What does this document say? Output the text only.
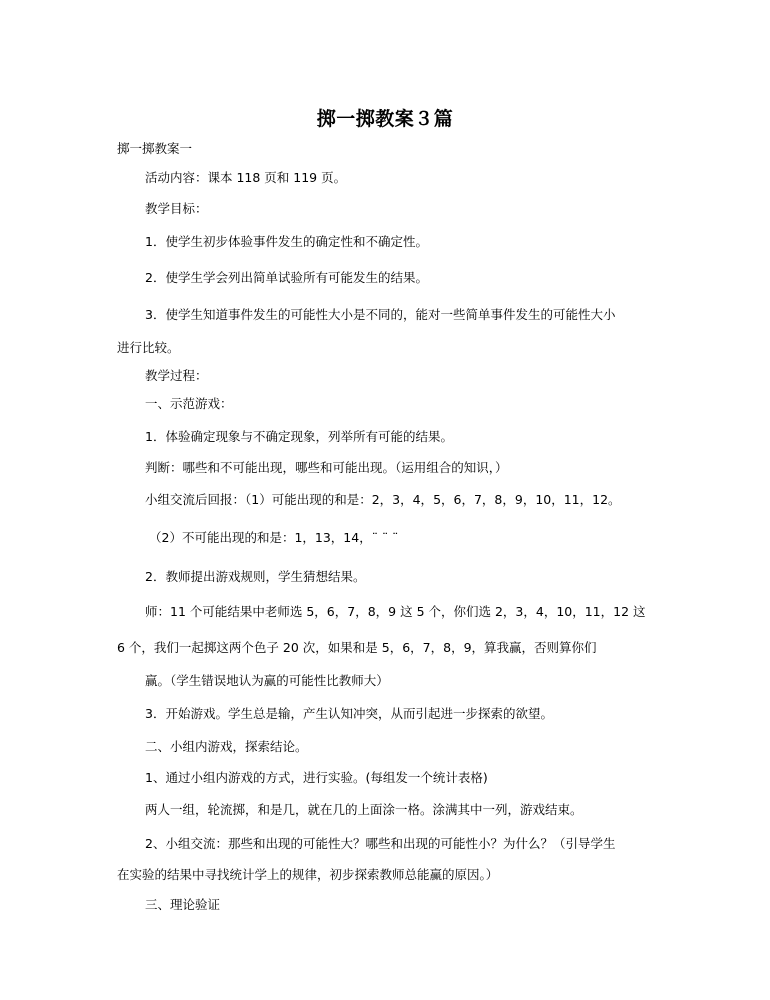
掷一掷教案３篇
掷一掷教案一
活动内容：课本 118 页和 119 页。
教学目标：
1．使学生初步体验事件发生的确定性和不确定性。
2．使学生学会列出简单试验所有可能发生的结果。
3．使学生知道事件发生的可能性大小是不同的，能对一些简单事件发生的可能性大小
进行比较。
教学过程：
一、示范游戏：
1．体验确定现象与不确定现象，列举所有可能的结果。
判断：哪些和不可能出现，哪些和可能出现。（运用组合的知识，）
小组交流后回报：（1）可能出现的和是：2，3，4，5，6，7，8，9，10，11，12。
（2）不可能出现的和是：1，13，14，¨ ¨ ¨
2．教师提出游戏规则，学生猜想结果。
师：11 个可能结果中老师选 5，6，7，8，9 这 5 个，你们选 2，3，4，10，11，12 这
6 个，我们一起掷这两个色子 20 次，如果和是 5，6，7，8，9，算我赢，否则算你们
赢。（学生错误地认为赢的可能性比教师大）
3．开始游戏。学生总是输，产生认知冲突，从而引起进一步探索的欲望。
二、小组内游戏，探索结论。
1、通过小组内游戏的方式，进行实验。(每组发一个统计表格)
两人一组，轮流掷，和是几，就在几的上面涂一格。涂满其中一列，游戏结束。
2、小组交流：那些和出现的可能性大？哪些和出现的可能性小？为什么？（引导学生
在实验的结果中寻找统计学上的规律，初步探索教师总能赢的原因。）
三、理论验证
